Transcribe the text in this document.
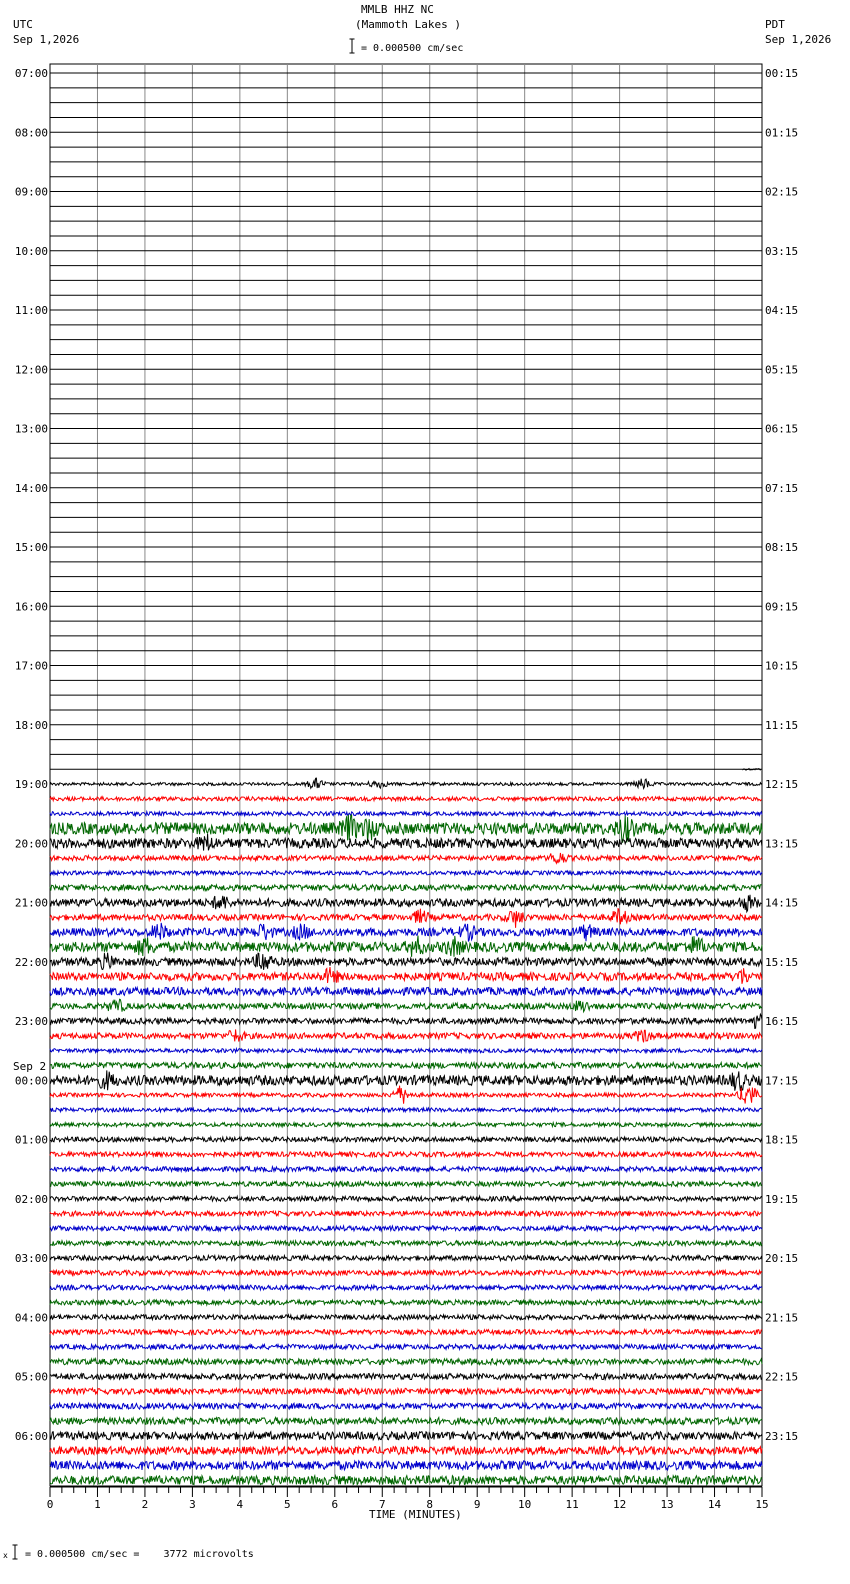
07:00
08:00
09:00
10:00
11:00
12:00
13:00
14:00
15:00
16:00
17:00
18:00
19:00
20:00
21:00
22:00
23:00
00:00
01:00
02:00
03:00
04:00
05:00
06:00
00:15
01:15
02:15
03:15
04:15
05:15
06:15
07:15
08:15
09:15
10:15
11:15
12:15
13:15
14:15
15:15
16:15
17:15
18:15
19:15
20:15
21:15
22:15
23:15
0	1	2	3	4	5	6	7	8	9	10	11	12	13	14	15
MMLB HHZ NC
(Mammoth Lakes )
UTC
Sep 1,2026
PDT
Sep 1,2026
= 0.000500 cm/sec
Sep 2
TIME (MINUTES)
x = 0.000500 cm/sec =    3772 microvolts
